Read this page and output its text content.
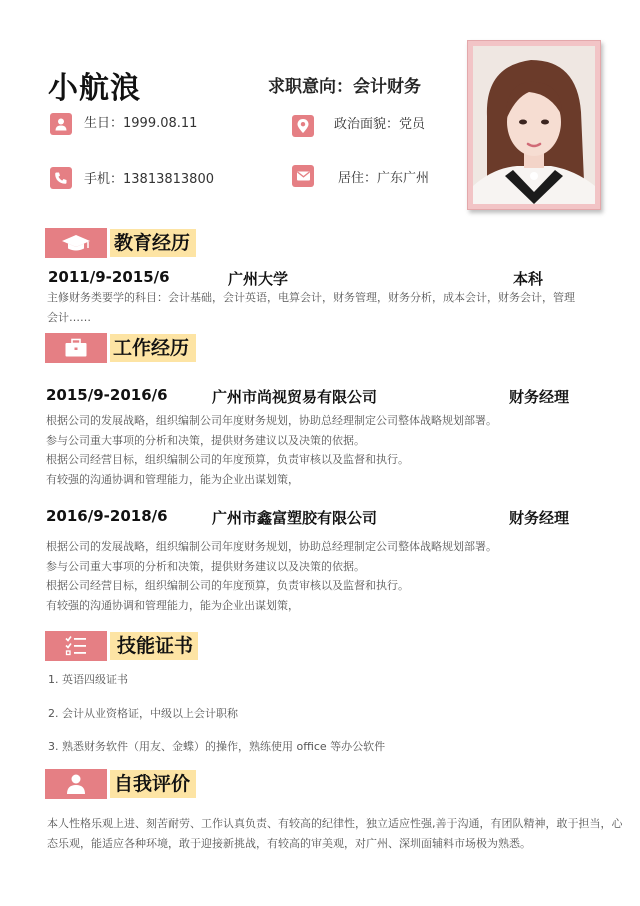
小航浪	求职意向：会计财务
生日：1999.08.11	政治面貌：党员
手机：13813813800	居住：广东广州
教育经历
2011/9-2015/6	广州大学	本科
主修财务类要学的科目：会计基础，会计英语，电算会计，财务管理，财务分析，成本会计，财务会计，管理
会计……
工作经历
2015/9-2016/6	广州市尚视贸易有限公司	财务经理
根据公司的发展战略，组织编制公司年度财务规划，协助总经理制定公司整体战略规划部署。
参与公司重大事项的分析和决策，提供财务建议以及决策的依据。
根据公司经营目标，组织编制公司的年度预算，负责审核以及监督和执行。
有较强的沟通协调和管理能力，能为企业出谋划策，
2016/9-2018/6	广州市鑫富塑胶有限公司	财务经理
根据公司的发展战略，组织编制公司年度财务规划，协助总经理制定公司整体战略规划部署。
参与公司重大事项的分析和决策，提供财务建议以及决策的依据。
根据公司经营目标，组织编制公司的年度预算，负责审核以及监督和执行。
有较强的沟通协调和管理能力，能为企业出谋划策，
技能证书
1. 英语四级证书
2. 会计从业资格证，中级以上会计职称
3. 熟悉财务软件（用友、金蝶）的操作，熟练使用 office 等办公软件
自我评价
本人性格乐观上进、刻苦耐劳、工作认真负责、有较高的纪律性，独立适应性强,善于沟通，有团队精神，敢于担当，心
态乐观，能适应各种环境，敢于迎接新挑战，有较高的审美观，对广州、深圳面辅料市场极为熟悉。
